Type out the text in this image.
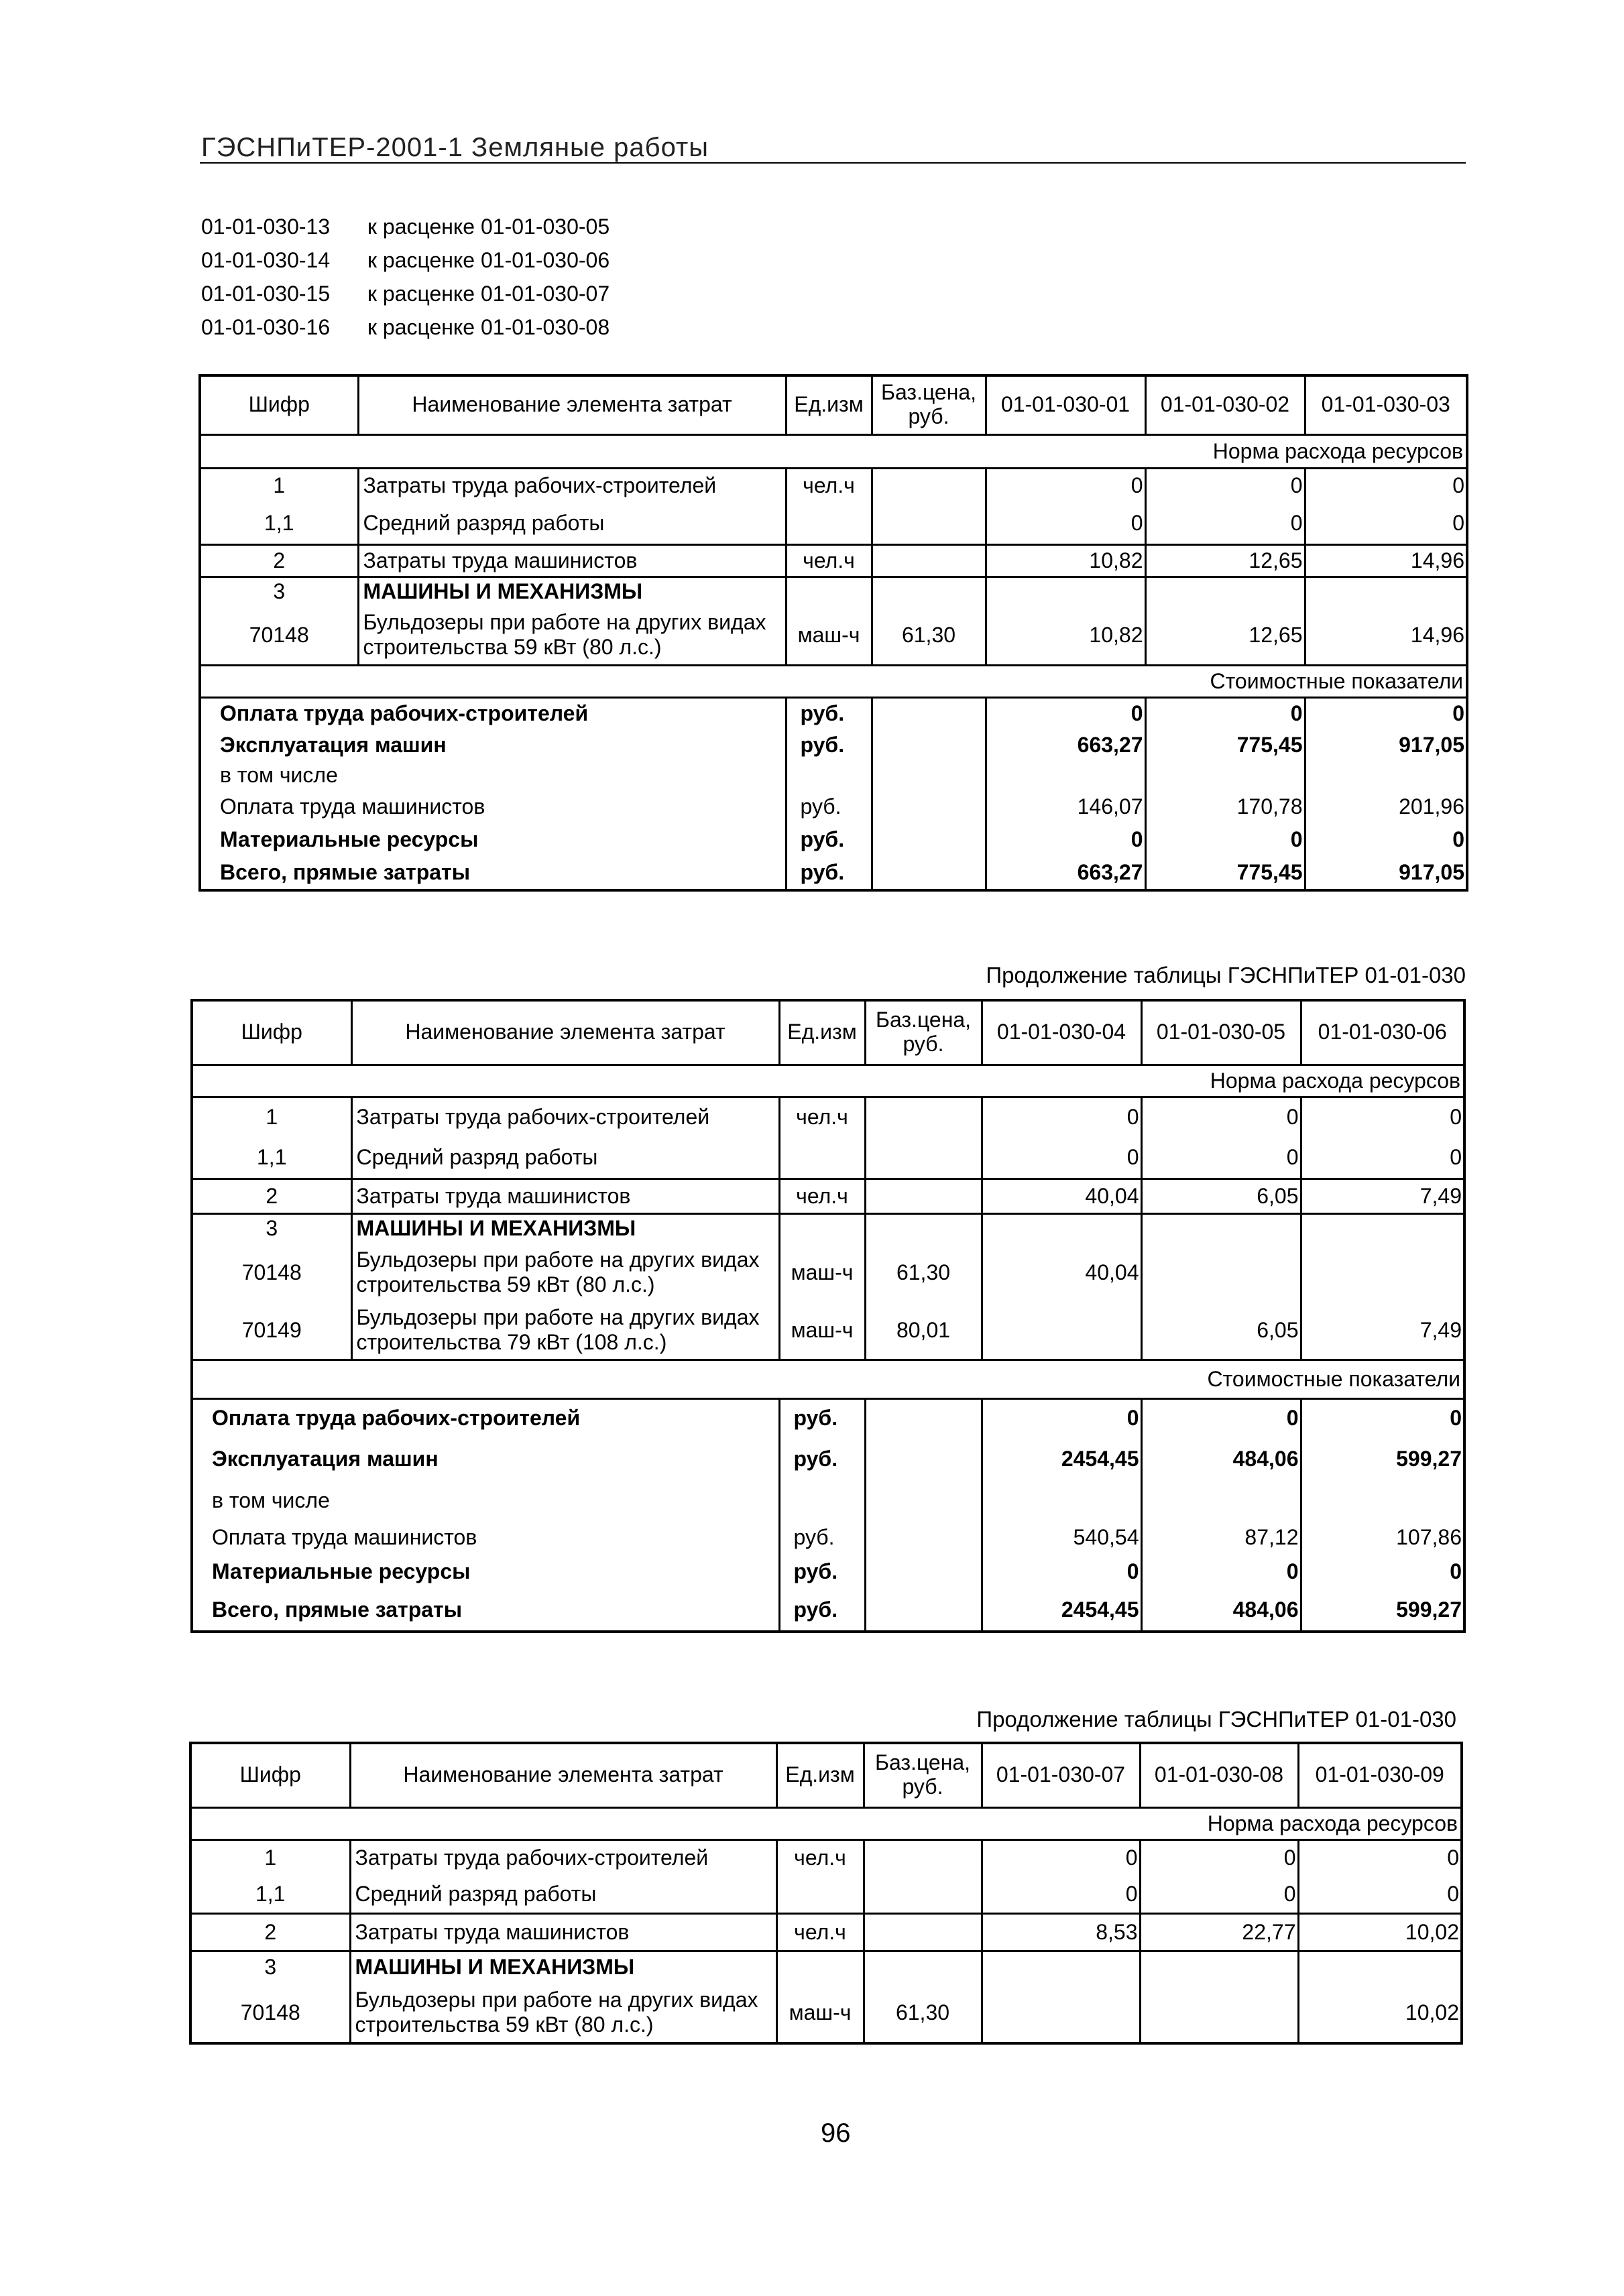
ГЭСНПиТЕР-2001-1 Земляные работы
01-01-030-13 к расценке 01-01-030-05
01-01-030-14 к расценке 01-01-030-06
01-01-030-15 к расценке 01-01-030-07
01-01-030-16 к расценке 01-01-030-08
Шифр	Наименование элемента затрат	Ед.изм	Баз.цена, руб.	01-01-030-01	01-01-030-02	01-01-030-03
Норма расхода ресурсов						
1	Затраты труда рабочих-строителей	чел.ч		0	0	0
1,1	Средний разряд работы			0	0	0
2	Затраты труда машинистов	чел.ч		10,82	12,65	14,96
3	МАШИНЫ И МЕХАНИЗМЫ					
70148	Бульдозеры при работе на других видах строительства 59 кВт (80 л.с.)	маш-ч	61,30	10,82	12,65	14,96
Стоимостные показатели						
Оплата труда рабочих-строителей		руб.		0	0	0
Эксплуатация машин		руб.		663,27	775,45	917,05
в том числе						
Оплата труда машинистов		руб.		146,07	170,78	201,96
Материальные ресурсы		руб.		0	0	0
Всего, прямые затраты		руб.		663,27	775,45	917,05
Продолжение таблицы ГЭСНПиТЕР 01-01-030
Шифр	Наименование элемента затрат	Ед.изм	Баз.цена, руб.	01-01-030-04	01-01-030-05	01-01-030-06
Норма расхода ресурсов						
1	Затраты труда рабочих-строителей	чел.ч		0	0	0
1,1	Средний разряд работы			0	0	0
2	Затраты труда машинистов	чел.ч		40,04	6,05	7,49
3	МАШИНЫ И МЕХАНИЗМЫ					
70148	Бульдозеры при работе на других видах строительства 59 кВт (80 л.с.)	маш-ч	61,30	40,04		
70149	Бульдозеры при работе на других видах строительства 79 кВт (108 л.с.)	маш-ч	80,01		6,05	7,49
Стоимостные показатели						
Оплата труда рабочих-строителей		руб.		0	0	0
Эксплуатация машин		руб.		2454,45	484,06	599,27
в том числе						
Оплата труда машинистов		руб.		540,54	87,12	107,86
Материальные ресурсы		руб.		0	0	0
Всего, прямые затраты		руб.		2454,45	484,06	599,27
Продолжение таблицы ГЭСНПиТЕР 01-01-030
Шифр	Наименование элемента затрат	Ед.изм	Баз.цена, руб.	01-01-030-07	01-01-030-08	01-01-030-09
Норма расхода ресурсов						
1	Затраты труда рабочих-строителей	чел.ч		0	0	0
1,1	Средний разряд работы			0	0	0
2	Затраты труда машинистов	чел.ч		8,53	22,77	10,02
3	МАШИНЫ И МЕХАНИЗМЫ					
70148	Бульдозеры при работе на других видах строительства 59 кВт (80 л.с.)	маш-ч	61,30			10,02
96
